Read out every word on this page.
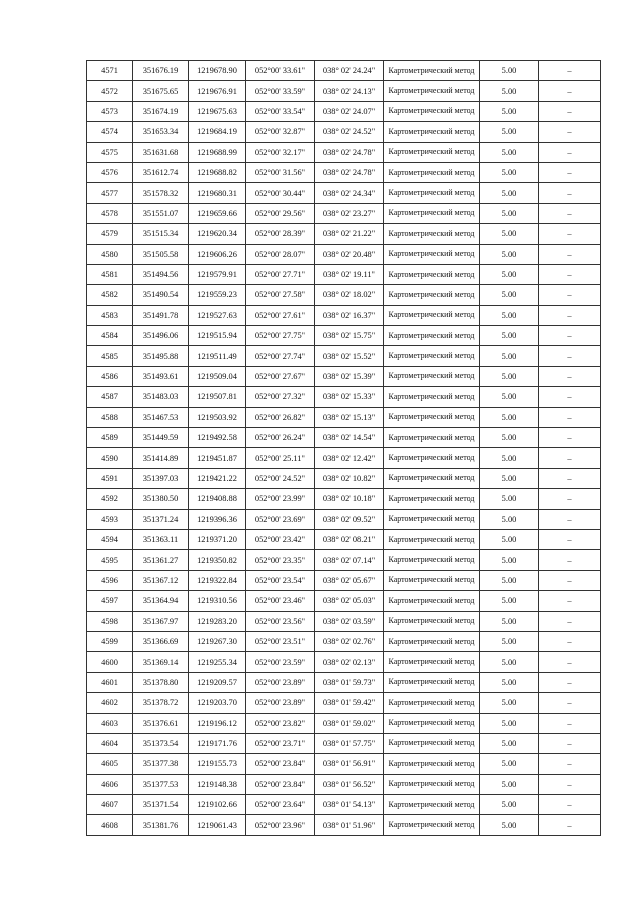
4571	351676.19	1219678.90	052°00' 33.61"	038° 02' 24.24"	Картометрический метод	5.00	–
4572	351675.65	1219676.91	052°00' 33.59"	038° 02' 24.13"	Картометрический метод	5.00	–
4573	351674.19	1219675.63	052°00' 33.54"	038° 02' 24.07"	Картометрический метод	5.00	–
4574	351653.34	1219684.19	052°00' 32.87"	038° 02' 24.52"	Картометрический метод	5.00	–
4575	351631.68	1219688.99	052°00' 32.17"	038° 02' 24.78"	Картометрический метод	5.00	–
4576	351612.74	1219688.82	052°00' 31.56"	038° 02' 24.78"	Картометрический метод	5.00	–
4577	351578.32	1219680.31	052°00' 30.44"	038° 02' 24.34"	Картометрический метод	5.00	–
4578	351551.07	1219659.66	052°00' 29.56"	038° 02' 23.27"	Картометрический метод	5.00	–
4579	351515.34	1219620.34	052°00' 28.39"	038° 02' 21.22"	Картометрический метод	5.00	–
4580	351505.58	1219606.26	052°00' 28.07"	038° 02' 20.48"	Картометрический метод	5.00	–
4581	351494.56	1219579.91	052°00' 27.71"	038° 02' 19.11"	Картометрический метод	5.00	–
4582	351490.54	1219559.23	052°00' 27.58"	038° 02' 18.02"	Картометрический метод	5.00	–
4583	351491.78	1219527.63	052°00' 27.61"	038° 02' 16.37"	Картометрический метод	5.00	–
4584	351496.06	1219515.94	052°00' 27.75"	038° 02' 15.75"	Картометрический метод	5.00	–
4585	351495.88	1219511.49	052°00' 27.74"	038° 02' 15.52"	Картометрический метод	5.00	–
4586	351493.61	1219509.04	052°00' 27.67"	038° 02' 15.39"	Картометрический метод	5.00	–
4587	351483.03	1219507.81	052°00' 27.32"	038° 02' 15.33"	Картометрический метод	5.00	–
4588	351467.53	1219503.92	052°00' 26.82"	038° 02' 15.13"	Картометрический метод	5.00	–
4589	351449.59	1219492.58	052°00' 26.24"	038° 02' 14.54"	Картометрический метод	5.00	–
4590	351414.89	1219451.87	052°00' 25.11"	038° 02' 12.42"	Картометрический метод	5.00	–
4591	351397.03	1219421.22	052°00' 24.52"	038° 02' 10.82"	Картометрический метод	5.00	–
4592	351380.50	1219408.88	052°00' 23.99"	038° 02' 10.18"	Картометрический метод	5.00	–
4593	351371.24	1219396.36	052°00' 23.69"	038° 02' 09.52"	Картометрический метод	5.00	–
4594	351363.11	1219371.20	052°00' 23.42"	038° 02' 08.21"	Картометрический метод	5.00	–
4595	351361.27	1219350.82	052°00' 23.35"	038° 02' 07.14"	Картометрический метод	5.00	–
4596	351367.12	1219322.84	052°00' 23.54"	038° 02' 05.67"	Картометрический метод	5.00	–
4597	351364.94	1219310.56	052°00' 23.46"	038° 02' 05.03"	Картометрический метод	5.00	–
4598	351367.97	1219283.20	052°00' 23.56"	038° 02' 03.59"	Картометрический метод	5.00	–
4599	351366.69	1219267.30	052°00' 23.51"	038° 02' 02.76"	Картометрический метод	5.00	–
4600	351369.14	1219255.34	052°00' 23.59"	038° 02' 02.13"	Картометрический метод	5.00	–
4601	351378.80	1219209.57	052°00' 23.89"	038° 01' 59.73"	Картометрический метод	5.00	–
4602	351378.72	1219203.70	052°00' 23.89"	038° 01' 59.42"	Картометрический метод	5.00	–
4603	351376.61	1219196.12	052°00' 23.82"	038° 01' 59.02"	Картометрический метод	5.00	–
4604	351373.54	1219171.76	052°00' 23.71"	038° 01' 57.75"	Картометрический метод	5.00	–
4605	351377.38	1219155.73	052°00' 23.84"	038° 01' 56.91"	Картометрический метод	5.00	–
4606	351377.53	1219148.38	052°00' 23.84"	038° 01' 56.52"	Картометрический метод	5.00	–
4607	351371.54	1219102.66	052°00' 23.64"	038° 01' 54.13"	Картометрический метод	5.00	–
4608	351381.76	1219061.43	052°00' 23.96"	038° 01' 51.96"	Картометрический метод	5.00	–
